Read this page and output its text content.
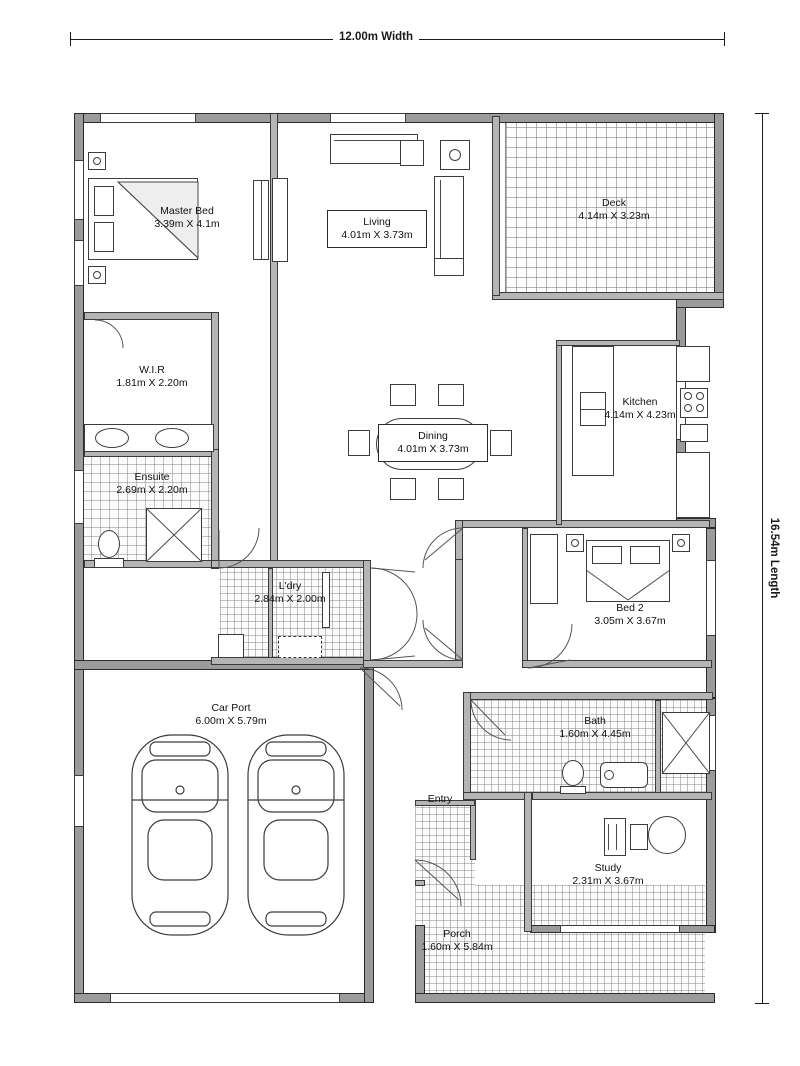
12.00m Width
16.54m Length
Master Bed
3.39m X 4.1m	Living
4.01m X 3.73m
Deck
4.14m X 3.23m
W.I.R
1.81m X 2.20m
Kitchen
4.14m X 4.23m
Dining
4.01m X 3.73m
Ensuite
2.69m X 2.20m
L'dry
2.84m X 2.00m
Bed 2
3.05m X 3.67m
Car Port
6.00m X 5.79m	Bath
1.60m X 4.45m
Study
2.31m X 3.67m
Porch
1.60m X 5.84m
Entry
